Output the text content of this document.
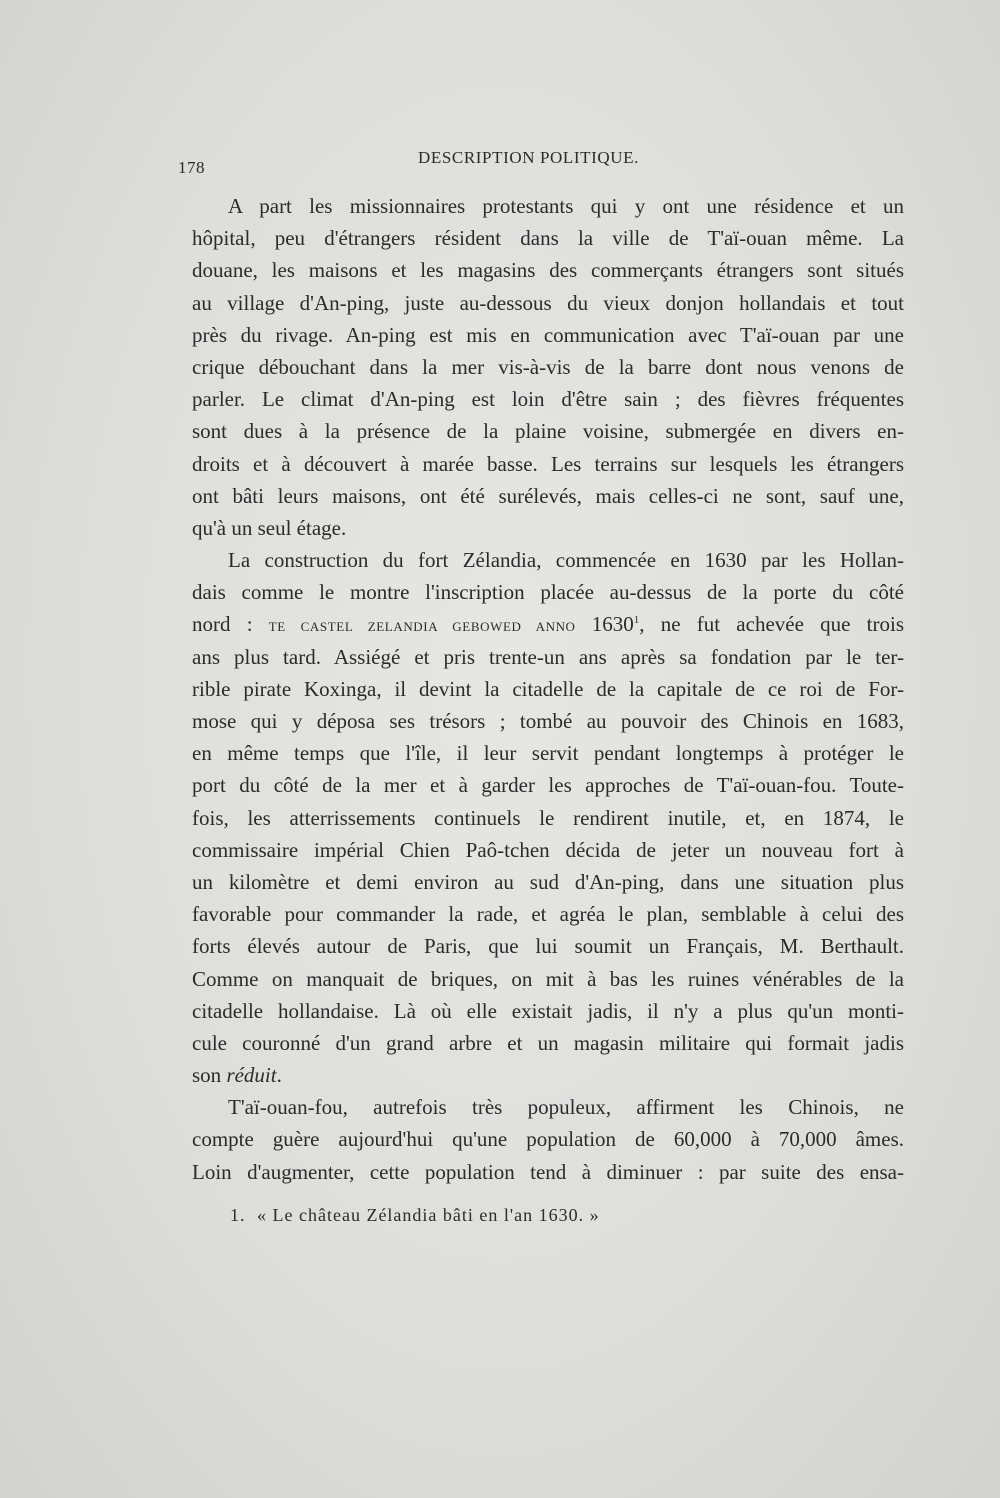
178
DESCRIPTION POLITIQUE.
A part les missionnaires protestants qui y ont une résidence et un
hôpital, peu d'étrangers résident dans la ville de T'aï-ouan même. La
douane, les maisons et les magasins des commerçants étrangers sont situés
au village d'An-ping, juste au-dessous du vieux donjon hollandais et tout
près du rivage. An-ping est mis en communication avec T'aï-ouan par une
crique débouchant dans la mer vis-à-vis de la barre dont nous venons de
parler. Le climat d'An-ping est loin d'être sain ; des fièvres fréquentes
sont dues à la présence de la plaine voisine, submergée en divers en-
droits et à découvert à marée basse. Les terrains sur lesquels les étrangers
ont bâti leurs maisons, ont été surélevés, mais celles-ci ne sont, sauf une,
qu'à un seul étage.
La construction du fort Zélandia, commencée en 1630 par les Hollan-
dais comme le montre l'inscription placée au-dessus de la porte du côté
nord : TE CASTEL ZELANDIA GEBOWED ANNO 1630$^1$, ne fut achevée que trois
ans plus tard. Assiégé et pris trente-un ans après sa fondation par le ter-
rible pirate Koxinga, il devint la citadelle de la capitale de ce roi de For-
mose qui y déposa ses trésors ; tombé au pouvoir des Chinois en 1683,
en même temps que l'île, il leur servit pendant longtemps à protéger le
port du côté de la mer et à garder les approches de T'aï-ouan-fou. Toute-
fois, les atterrissements continuels le rendirent inutile, et, en 1874, le
commissaire impérial Chien Paô-tchen décida de jeter un nouveau fort à
un kilomètre et demi environ au sud d'An-ping, dans une situation plus
favorable pour commander la rade, et agréa le plan, semblable à celui des
forts élevés autour de Paris, que lui soumit un Français, M. Berthault.
Comme on manquait de briques, on mit à bas les ruines vénérables de la
citadelle hollandaise. Là où elle existait jadis, il n'y a plus qu'un monti-
cule couronné d'un grand arbre et un magasin militaire qui formait jadis
son réduit.
T'aï-ouan-fou, autrefois très populeux, affirment les Chinois, ne
compte guère aujourd'hui qu'une population de 60,000 à 70,000 âmes.
Loin d'augmenter, cette population tend à diminuer : par suite des ensa-
1. « Le château Zélandia bâti en l'an 1630. »
